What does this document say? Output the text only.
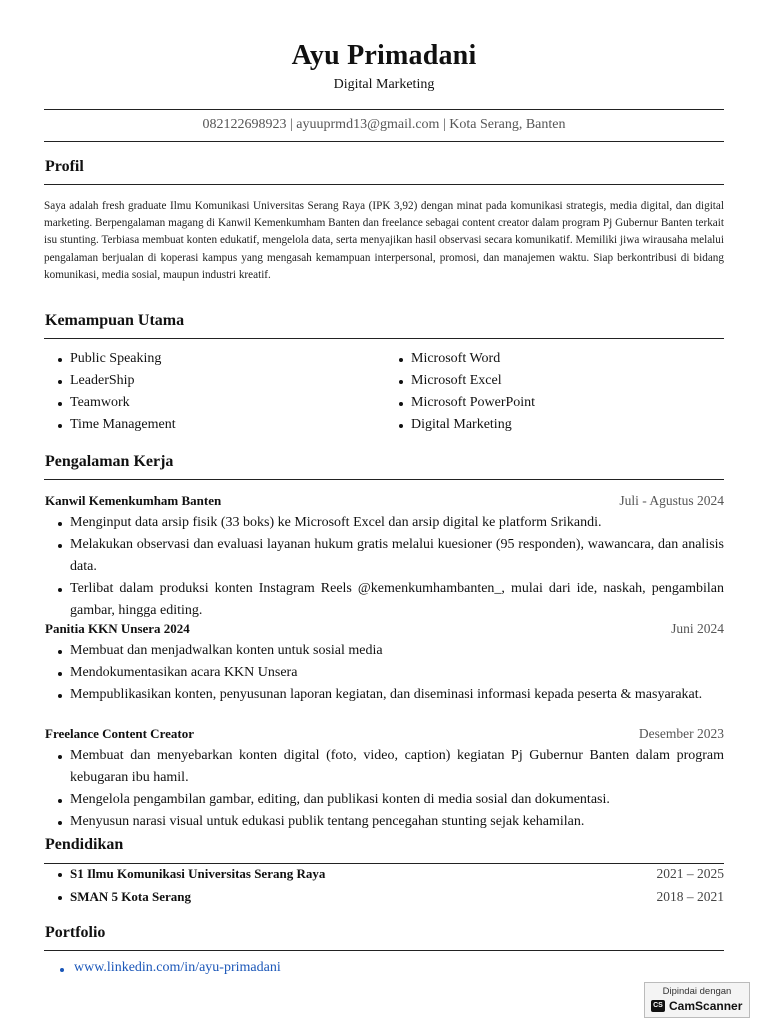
Ayu Primadani
Digital Marketing
082122698923 | ayuuprmd13@gmail.com | Kota Serang, Banten
Profil
Saya adalah fresh graduate Ilmu Komunikasi Universitas Serang Raya (IPK 3,92) dengan minat pada komunikasi strategis, media digital, dan digital marketing. Berpengalaman magang di Kanwil Kemenkumham Banten dan freelance sebagai content creator dalam program Pj Gubernur Banten terkait isu stunting. Terbiasa membuat konten edukatif, mengelola data, serta menyajikan hasil observasi secara komunikatif. Memiliki jiwa wirausaha melalui pengalaman berjualan di koperasi kampus yang mengasah kemampuan interpersonal, promosi, dan manajemen waktu. Siap berkontribusi di bidang komunikasi, media sosial, maupun industri kreatif.
Kemampuan Utama
Public Speaking
LeaderShip
Teamwork
Time Management
Microsoft Word
Microsoft Excel
Microsoft PowerPoint
Digital Marketing
Pengalaman Kerja
Kanwil Kemenkumham Banten	Juli - Agustus 2024
Menginput data arsip fisik (33 boks) ke Microsoft Excel dan arsip digital ke platform Srikandi.
Melakukan observasi dan evaluasi layanan hukum gratis melalui kuesioner (95 responden), wawancara, dan analisis data.
Terlibat dalam produksi konten Instagram Reels @kemenkumhambanten_, mulai dari ide, naskah, pengambilan gambar, hingga editing.
Panitia KKN Unsera 2024	Juni 2024
Membuat dan menjadwalkan konten untuk sosial media
Mendokumentasikan acara KKN Unsera
Mempublikasikan konten, penyusunan laporan kegiatan, dan diseminasi informasi kepada peserta & masyarakat.
Freelance Content Creator	Desember 2023
Membuat dan menyebarkan konten digital (foto, video, caption) kegiatan Pj Gubernur Banten dalam program kebugaran ibu hamil.
Mengelola pengambilan gambar, editing, dan publikasi konten di media sosial dan dokumentasi.
Menyusun narasi visual untuk edukasi publik tentang pencegahan stunting sejak kehamilan.
Pendidikan
S1 Ilmu Komunikasi Universitas Serang Raya	2021 – 2025
SMAN 5 Kota Serang	2018 – 2021
Portfolio
www.linkedin.com/in/ayu-primadani
Dipindai dengan
CS CamScanner
